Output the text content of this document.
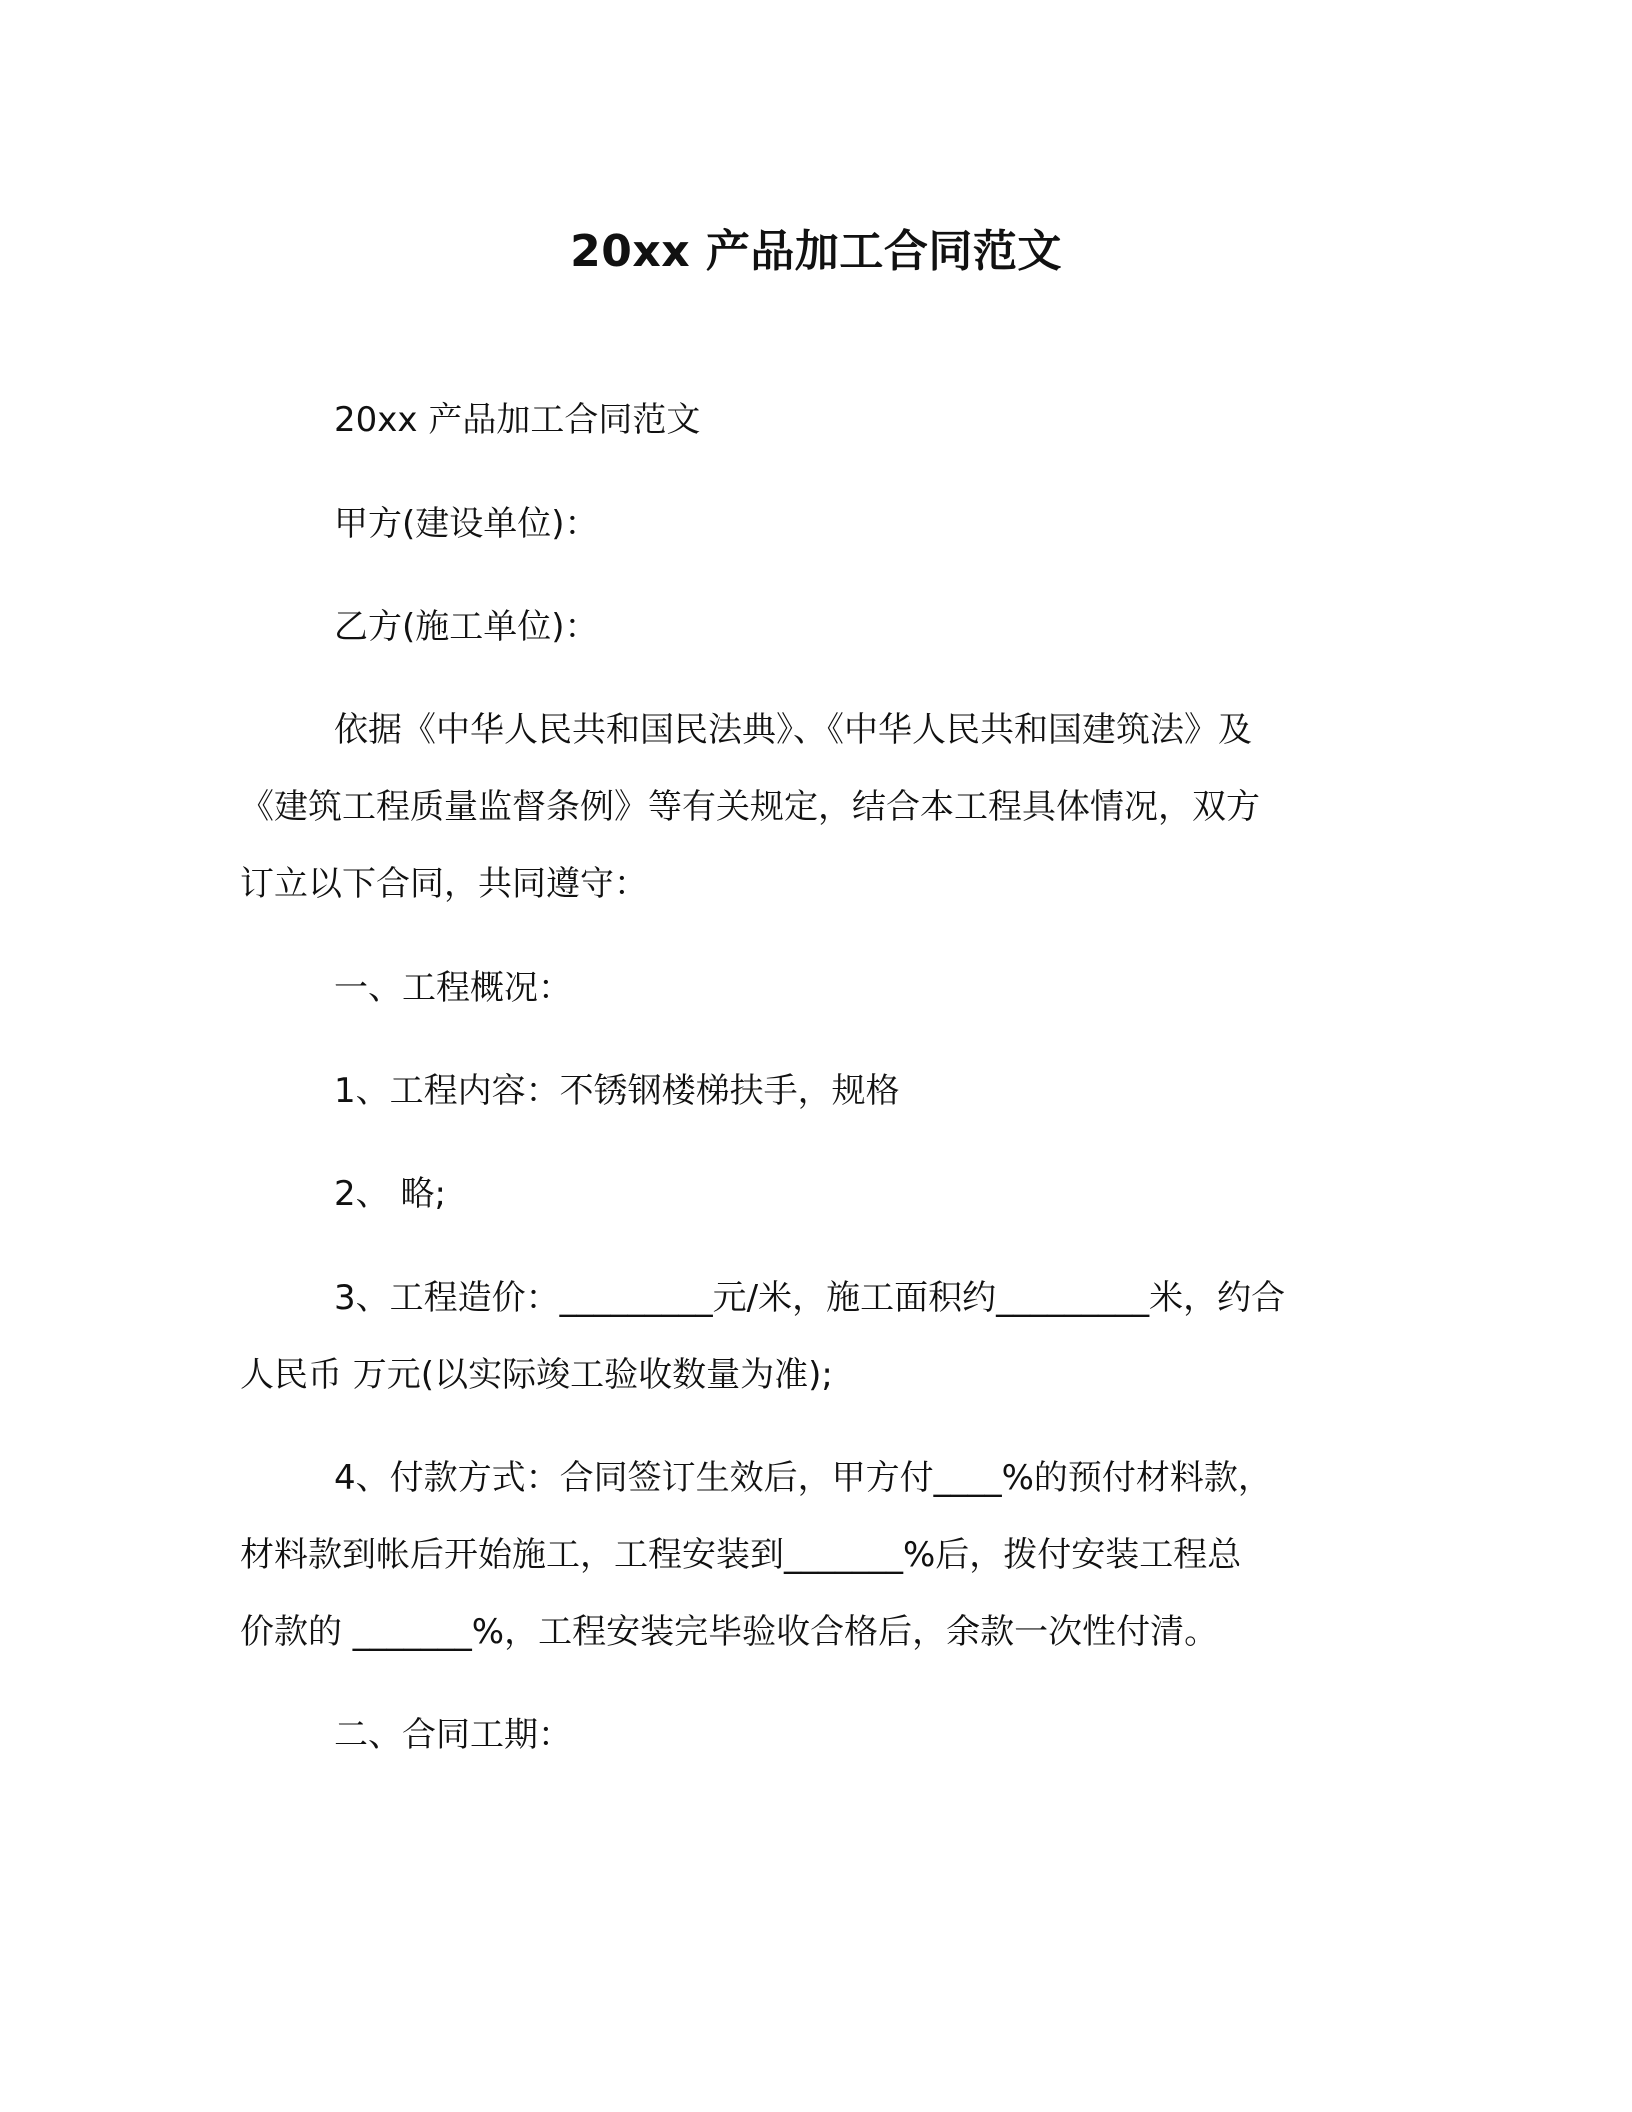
20xx 产品加工合同范文
20xx 产品加工合同范文
甲方(建设单位)：
乙方(施工单位)：
依据《中华人民共和国民法典》、《中华人民共和国建筑法》及
《建筑工程质量监督条例》等有关规定，结合本工程具体情况，双方
订立以下合同，共同遵守：
一、工程概况：
1、工程内容：不锈钢楼梯扶手，规格
2、 略;
3、工程造价：_________元/米，施工面积约_________米，约合
人民币 万元(以实际竣工验收数量为准);
4、付款方式：合同签订生效后，甲方付____%的预付材料款，
材料款到帐后开始施工，工程安装到_______%后，拨付安装工程总
价款的 _______%，工程安装完毕验收合格后，余款一次性付清。
二、合同工期：
